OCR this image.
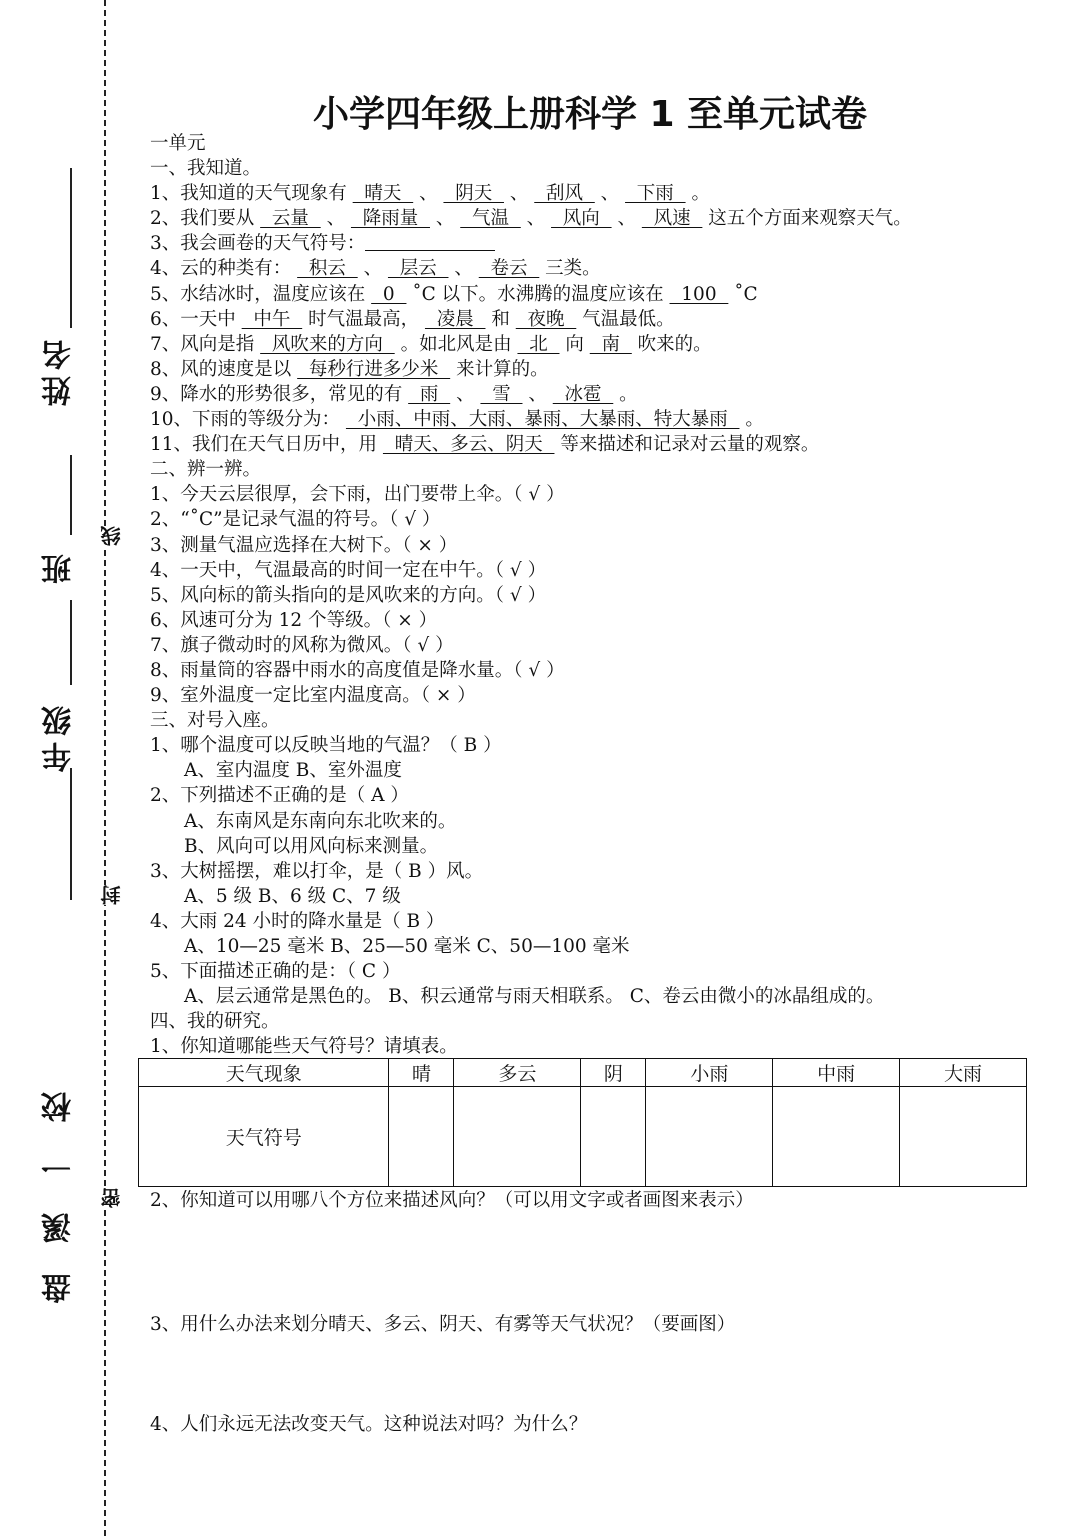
姓名
班
年级
盘 溪 一 校
线
封
密
小学四年级上册科学 1 至单元试卷
一单元
一、我知道。
1、我知道的天气现象有   晴天   、   阴天   、   刮风   、   下雨   。
2、我们要从   云量   、   降雨量   、   气温   、   风向   、   风速   这五个方面来观察天气。
3、我会画卷的天气符号：
4、云的种类有：   积云   、   层云   、   卷云   三类。
5、水结冰时，温度应该在   0   ˚C 以下。水沸腾的温度应该在   100   ˚C
6、一天中   中午   时气温最高，   凌晨   和   夜晚   气温最低。
7、风向是指   风吹来的方向   。如北风是由   北   向   南   吹来的。
8、风的速度是以   每秒行进多少米   来计算的。
9、降水的形势很多，常见的有   雨   、   雪   、   冰雹   。
10、下雨的等级分为：   小雨、中雨、大雨、暴雨、大暴雨、特大暴雨   。
11、我们在天气日历中，用   晴天、多云、阴天   等来描述和记录对云量的观察。
二、辨一辨。
1、今天云层很厚，会下雨，出门要带上伞。（ √ ）
2、“˚C”是记录气温的符号。（ √ ）
3、测量气温应选择在大树下。（ × ）
4、一天中，气温最高的时间一定在中午。（ √ ）
5、风向标的箭头指向的是风吹来的方向。（ √ ）
6、风速可分为 12 个等级。（ × ）
7、旗子微动时的风称为微风。（ √ ）
8、雨量筒的容器中雨水的高度值是降水量。（ √ ）
9、室外温度一定比室内温度高。（ × ）
三、对号入座。
1、哪个温度可以反映当地的气温？（ B ）
A、室内温度 B、室外温度
2、下列描述不正确的是（ A ）
A、东南风是东南向东北吹来的。
B、风向可以用风向标来测量。
3、大树摇摆，难以打伞，是（ B ）风。
A、5 级 B、6 级 C、7 级
4、大雨 24 小时的降水量是（ B ）
A、10—25 毫米 B、25—50 毫米 C、50—100 毫米
5、下面描述正确的是：（ C ）
A、层云通常是黑色的。 B、积云通常与雨天相联系。 C、卷云由微小的冰晶组成的。
四、我的研究。
1、你知道哪能些天气符号？请填表。
天气现象	晴	多云	阴	小雨	中雨	大雨
天气符号						
2、你知道可以用哪八个方位来描述风向？（可以用文字或者画图来表示）
3、用什么办法来划分晴天、多云、阴天、有雾等天气状况？（要画图）
4、人们永远无法改变天气。这种说法对吗？为什么？
